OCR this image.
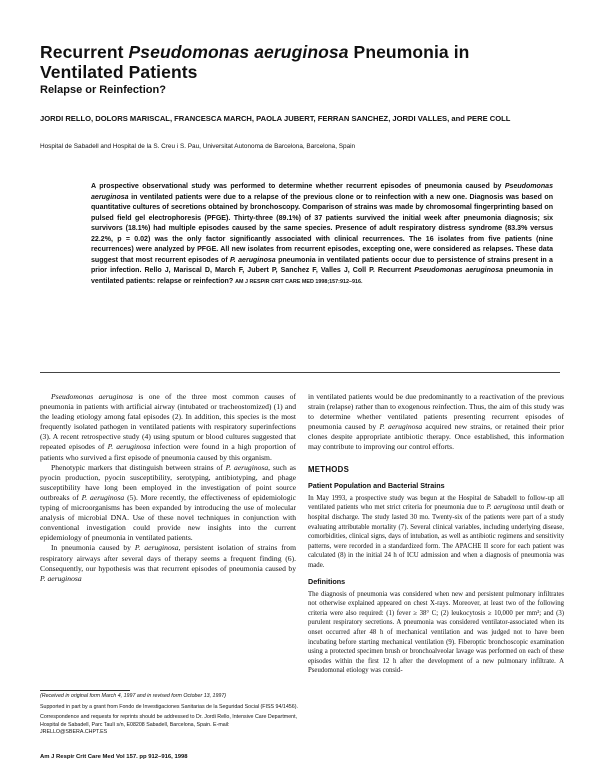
Recurrent Pseudomonas aeruginosa Pneumonia in
Ventilated Patients
Relapse or Reinfection?
JORDI RELLO, DOLORS MARISCAL, FRANCESCA MARCH, PAOLA JUBERT, FERRAN SANCHEZ, JORDI VALLES, and PERE COLL
Hospital de Sabadell and Hospital de la S. Creu i S. Pau, Universitat Autonoma de Barcelona, Barcelona, Spain
A prospective observational study was performed to determine whether recurrent episodes of pneumonia caused by Pseudomonas aeruginosa in ventilated patients were due to a relapse of the previous clone or to reinfection with a new one. Diagnosis was based on quantitative cultures of secretions obtained by bronchoscopy. Comparison of strains was made by chromosomal fingerprinting based on pulsed field gel electrophoresis (PFGE). Thirty-three (89.1%) of 37 patients survived the initial week after pneumonia diagnosis; six survivors (18.1%) had multiple episodes caused by the same species. Presence of adult respiratory distress syndrome (83.3% versus 22.2%, p = 0.02) was the only factor significantly associated with clinical recurrences. The 16 isolates from five patients (nine recurrences) were analyzed by PFGE. All new isolates from recurrent episodes, excepting one, were considered as relapses. These data suggest that most recurrent episodes of P. aeruginosa pneumonia in ventilated patients occur due to persistence of strains present in a prior infection. Rello J, Mariscal D, March F, Jubert P, Sanchez F, Valles J, Coll P. Recurrent Pseudomonas aeruginosa pneumonia in ventilated patients: relapse or reinfection? AM J RESPIR CRIT CARE MED 1998;157:912–916.

Pseudomonas aeruginosa is one of the three most common causes of pneumonia in patients with artificial airway (intubated or tracheostomized) (1) and the leading etiology among fatal episodes (2). In addition, this species is the most frequently isolated pathogen in ventilated patients with respiratory superinfections (3). A recent retrospective study (4) using sputum or blood cultures suggested that repeated episodes of P. aeruginosa infection were found in a high proportion of patients who survived a first episode of pneumonia caused by this organism.

Phenotypic markers that distinguish between strains of P. aeruginosa, such as pyocin production, pyocin susceptibility, serotyping, antibiotyping, and phage susceptibility have long been employed in the investigation of point source outbreaks of P. aeruginosa (5). More recently, the effectiveness of epidemiologic typing of microorganisms has been expanded by introducing the use of molecular analysis of microbial DNA. Use of these novel techniques in conjunction with conventional investigation could provide new insights into the current epidemiology of pneumonia in ventilated patients.

In pneumonia caused by P. aeruginosa, persistent isolation of strains from respiratory airways after several days of therapy seems a frequent finding (6). Consequently, our hypothesis was that recurrent episodes of pneumonia caused by P. aeruginosa

in ventilated patients would be due predominantly to a reactivation of the previous strain (relapse) rather than to exogenous reinfection. Thus, the aim of this study was to determine whether ventilated patients presenting recurrent episodes of pneumonia caused by P. aeruginosa acquired new strains, or retained their prior clones despite appropriate antibiotic therapy. Once established, this information may contribute to improving our control efforts.

METHODS
Patient Population and Bacterial Strains

In May 1993, a prospective study was begun at the Hospital de Sabadell to follow-up all ventilated patients who met strict criteria for pneumonia due to P. aeruginosa until death or hospital discharge. The study lasted 30 mo. Twenty-six of the patients were part of a study evaluating attributable mortality (7). Several clinical variables, including underlying disease, comorbidities, clinical signs, days of intubation, as well as antibiotic regimens and sensitivity patterns, were recorded in a standardized form. The APACHE II score for each patient was calculated (8) in the initial 24 h of ICU admission and when a diagnosis of pneumonia was made.

Definitions

The diagnosis of pneumonia was considered when new and persistent pulmonary infiltrates not otherwise explained appeared on chest X-rays. Moreover, at least two of the following criteria were also required: (1) fever ≥ 38° C; (2) leukocytosis ≥ 10,000 per mm³; and (3) purulent respiratory secretions. A pneumonia was considered ventilator-associated when its onset occurred after 48 h of mechanical ventilation and was judged not to have been incubating before starting mechanical ventilation (9). Fiberoptic bronchoscopic examination using a protected specimen brush or bronchoalveolar lavage was performed on each of these episodes within the first 12 h after the development of a new pulmonary infiltrate. A Pseudomonal etiology was consid-

(Received in original form March 4, 1997 and in revised form October 13, 1997)

Supported in part by a grant from Fondo de Investigaciones Sanitarias de la Seguridad Social (FISS 94/1456).

Correspondence and requests for reprints should be addressed to Dr. Jordi Rello, Intensive Care Department, Hospital de Sabadell, Parc Taulí s/n, E08208 Sabadell, Barcelona, Spain. E-mail: JRELLO@SBERA.CHPT.ES

Am J Respir Crit Care Med Vol 157. pp 912–916, 1998
